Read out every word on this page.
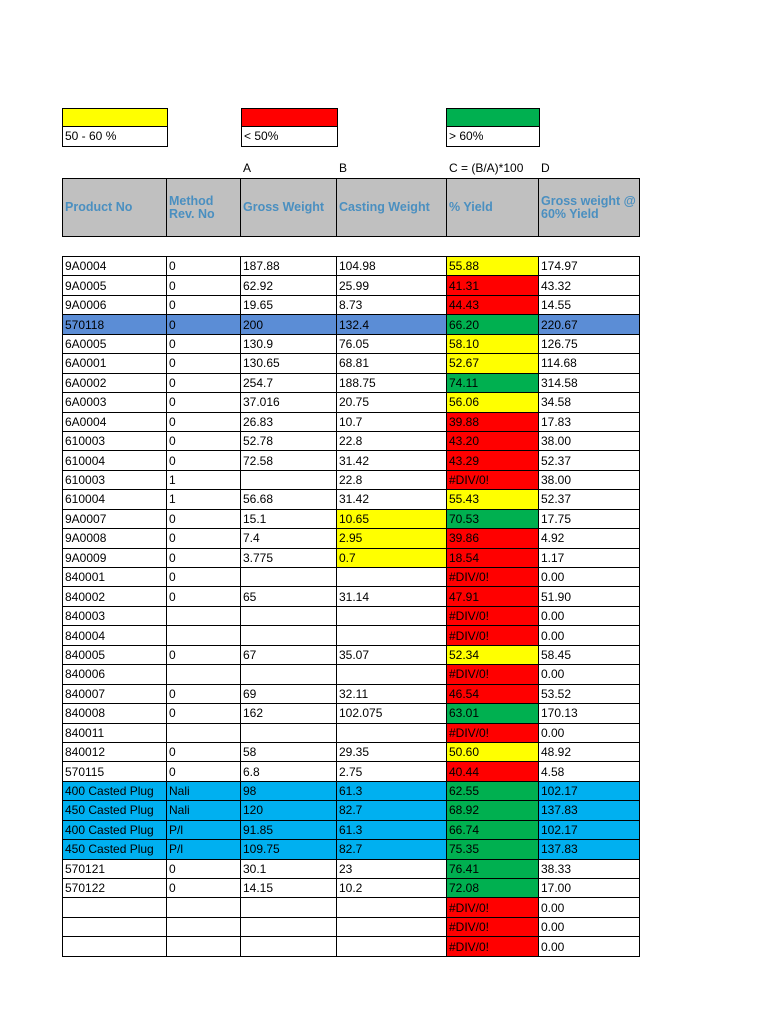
50 - 60 %	< 50%	> 60%
A	B	C = (B/A)*100 D
Product No	Method Rev. No	Gross Weight	Casting Weight	% Yield	Gross weight @ 60% Yield
9A0004	0	187.88	104.98	55.88	174.97
9A0005	0	62.92	25.99	41.31	43.32
9A0006	0	19.65	8.73	44.43	14.55
570118	0	200	132.4	66.20	220.67
6A0005	0	130.9	76.05	58.10	126.75
6A0001	0	130.65	68.81	52.67	114.68
6A0002	0	254.7	188.75	74.11	314.58
6A0003	0	37.016	20.75	56.06	34.58
6A0004	0	26.83	10.7	39.88	17.83
610003	0	52.78	22.8	43.20	38.00
610004	0	72.58	31.42	43.29	52.37
610003	1		22.8	#DIV/0!	38.00
610004	1	56.68	31.42	55.43	52.37
9A0007	0	15.1	10.65	70.53	17.75
9A0008	0	7.4	2.95	39.86	4.92
9A0009	0	3.775	0.7	18.54	1.17
840001	0			#DIV/0!	0.00
840002	0	65	31.14	47.91	51.90
840003				#DIV/0!	0.00
840004				#DIV/0!	0.00
840005	0	67	35.07	52.34	58.45
840006				#DIV/0!	0.00
840007	0	69	32.11	46.54	53.52
840008	0	162	102.075	63.01	170.13
840011				#DIV/0!	0.00
840012	0	58	29.35	50.60	48.92
570115	0	6.8	2.75	40.44	4.58
400 Casted Plug	Nali	98	61.3	62.55	102.17
450 Casted Plug	Nali	120	82.7	68.92	137.83
400 Casted Plug	P/l	91.85	61.3	66.74	102.17
450 Casted Plug	P/l	109.75	82.7	75.35	137.83
570121	0	30.1	23	76.41	38.33
570122	0	14.15	10.2	72.08	17.00
				#DIV/0!	0.00
				#DIV/0!	0.00
				#DIV/0!	0.00
